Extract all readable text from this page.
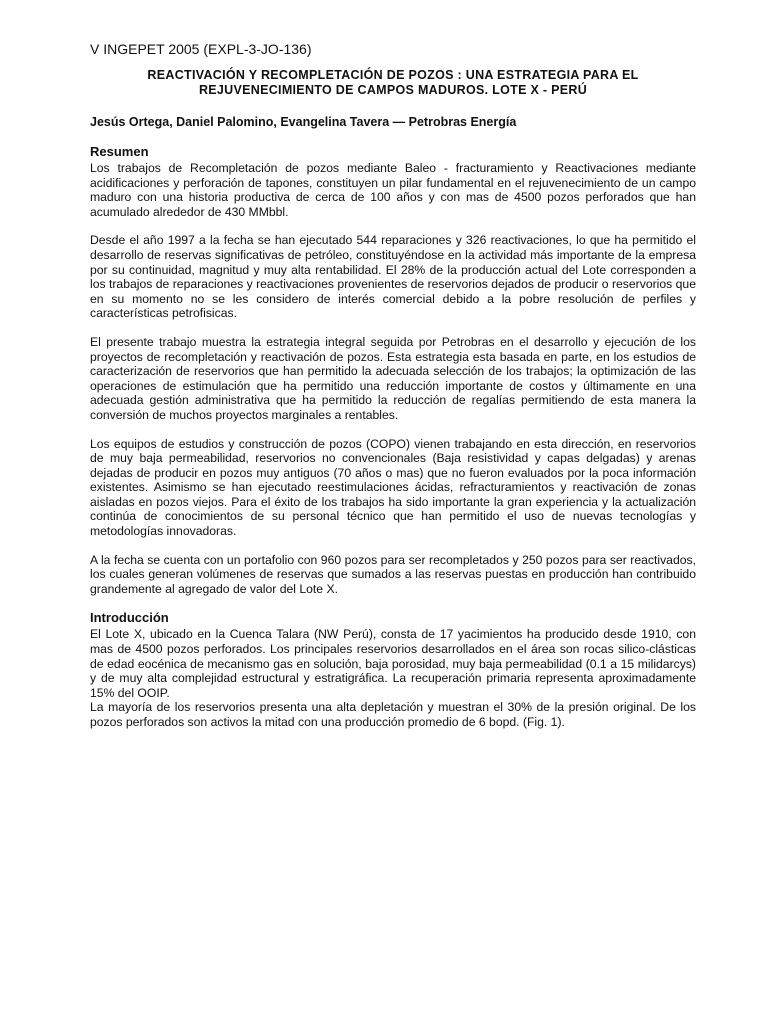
V INGEPET 2005 (EXPL-3-JO-136)
REACTIVACIÓN Y RECOMPLETACIÓN DE POZOS : UNA ESTRATEGIA PARA EL REJUVENECIMIENTO DE CAMPOS MADUROS. LOTE X - PERÚ
Jesús Ortega, Daniel Palomino, Evangelina Tavera — Petrobras Energía
Resumen

Los trabajos de Recompletación de pozos mediante Baleo - fracturamiento y Reactivaciones mediante acidificaciones y perforación de tapones, constituyen un pilar fundamental en el rejuvenecimiento de un campo maduro con una historia productiva de cerca de 100 años y con mas de 4500 pozos perforados que han acumulado alrededor de 430 MMbbl.

Desde el año 1997 a la fecha se han ejecutado 544 reparaciones y 326 reactivaciones, lo que ha permitido el desarrollo de reservas significativas de petróleo, constituyéndose en la actividad más importante de la empresa por su continuidad, magnitud y muy alta rentabilidad. El 28% de la producción actual del Lote corresponden a los trabajos de reparaciones y reactivaciones provenientes de reservorios dejados de producir o reservorios que en su momento no se les considero de interés comercial debido a la pobre resolución de perfiles y características petrofisicas.

El presente trabajo muestra la estrategia integral seguida por Petrobras en el desarrollo y ejecución de los proyectos de recompletación y reactivación de pozos. Esta estrategia esta basada en parte, en los estudios de caracterización de reservorios que han permitido la adecuada selección de los trabajos; la optimización de las operaciones de estimulación que ha permitido una reducción importante de costos y últimamente en una adecuada gestión administrativa que ha permitido la reducción de regalías permitiendo de esta manera la conversión de muchos proyectos marginales a rentables.

Los equipos de estudios y construcción de pozos (COPO) vienen trabajando en esta dirección, en reservorios de muy baja permeabilidad, reservorios no convencionales (Baja resistividad y capas delgadas) y arenas dejadas de producir en pozos muy antiguos (70 años o mas) que no fueron evaluados por la poca información existentes. Asimismo se han ejecutado reestimulaciones ácidas, refracturamientos y reactivación de zonas aisladas en pozos viejos. Para el éxito de los trabajos ha sido importante la gran experiencia y la actualización continúa de conocimientos de su personal técnico que han permitido el uso de nuevas tecnologías y metodologías innovadoras.

A la fecha se cuenta con un portafolio con 960 pozos para ser recompletados y 250 pozos para ser reactivados, los cuales generan volúmenes de reservas que sumados a las reservas puestas en producción han contribuido grandemente al agregado de valor del Lote X.

Introducción

El Lote X, ubicado en la Cuenca Talara (NW Perú), consta de 17 yacimientos ha producido desde 1910, con mas de 4500 pozos perforados. Los principales reservorios desarrollados en el área son rocas silico-clásticas de edad eocénica de mecanismo gas en solución, baja porosidad, muy baja permeabilidad (0.1 a 15 milidarcys) y de muy alta complejidad estructural y estratigráfica. La recuperación primaria representa aproximadamente 15% del OOIP.

La mayoría de los reservorios presenta una alta depletación y muestran el 30% de la presión original. De los pozos perforados son activos la mitad con una producción promedio de 6 bopd. (Fig. 1).
